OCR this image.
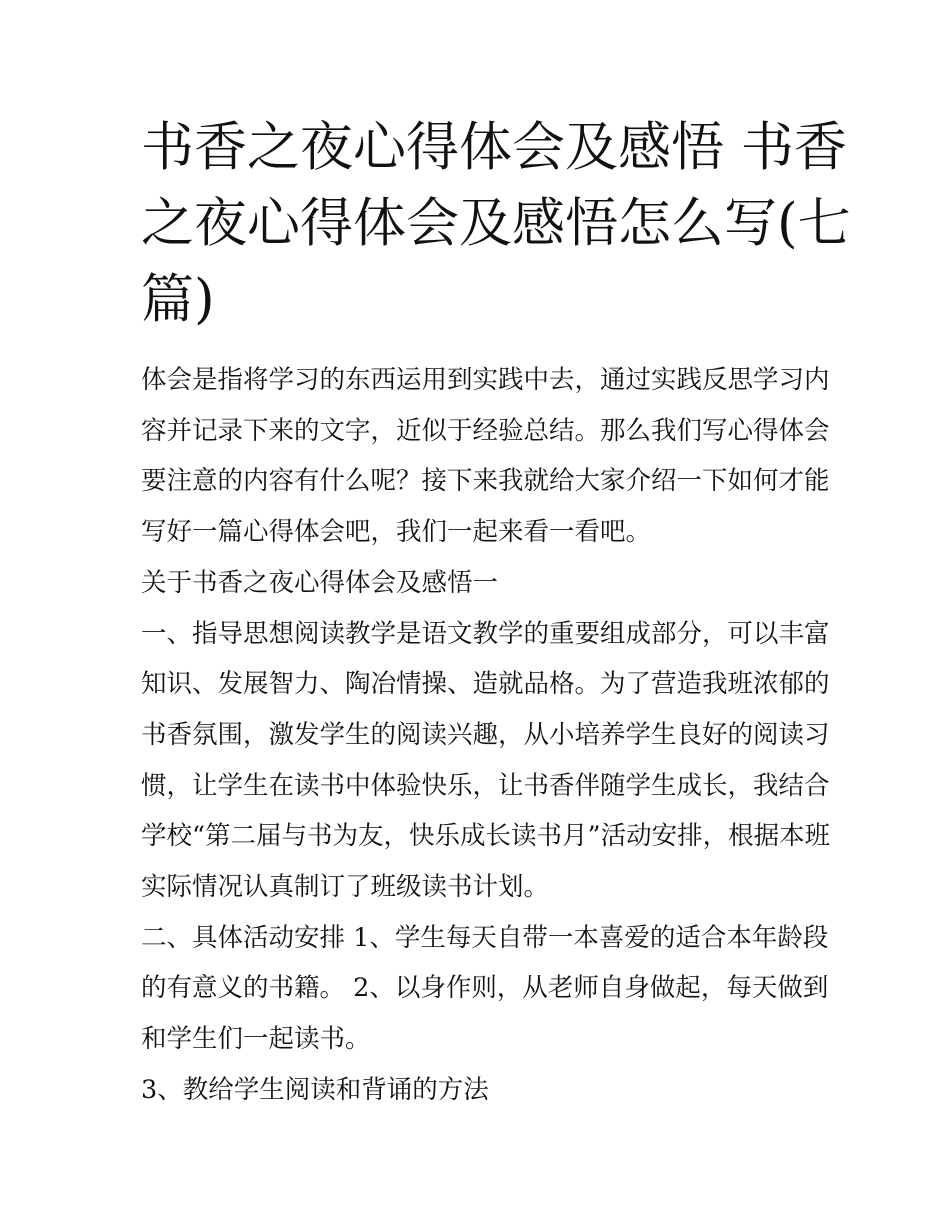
书香之夜心得体会及感悟 书香
之夜心得体会及感悟怎么写(七
篇)
体会是指将学习的东西运用到实践中去，通过实践反思学习内
容并记录下来的文字，近似于经验总结。那么我们写心得体会
要注意的内容有什么呢？接下来我就给大家介绍一下如何才能
写好一篇心得体会吧，我们一起来看一看吧。
关于书香之夜心得体会及感悟一
一、指导思想阅读教学是语文教学的重要组成部分，可以丰富
知识、发展智力、陶冶情操、造就品格。为了营造我班浓郁的
书香氛围，激发学生的阅读兴趣，从小培养学生良好的阅读习
惯，让学生在读书中体验快乐，让书香伴随学生成长，我结合
学校“第二届与书为友，快乐成长读书月”活动安排，根据本班
实际情况认真制订了班级读书计划。
二、具体活动安排 1、学生每天自带一本喜爱的适合本年龄段
的有意义的书籍。 2、以身作则，从老师自身做起，每天做到
和学生们一起读书。
3、教给学生阅读和背诵的方法
